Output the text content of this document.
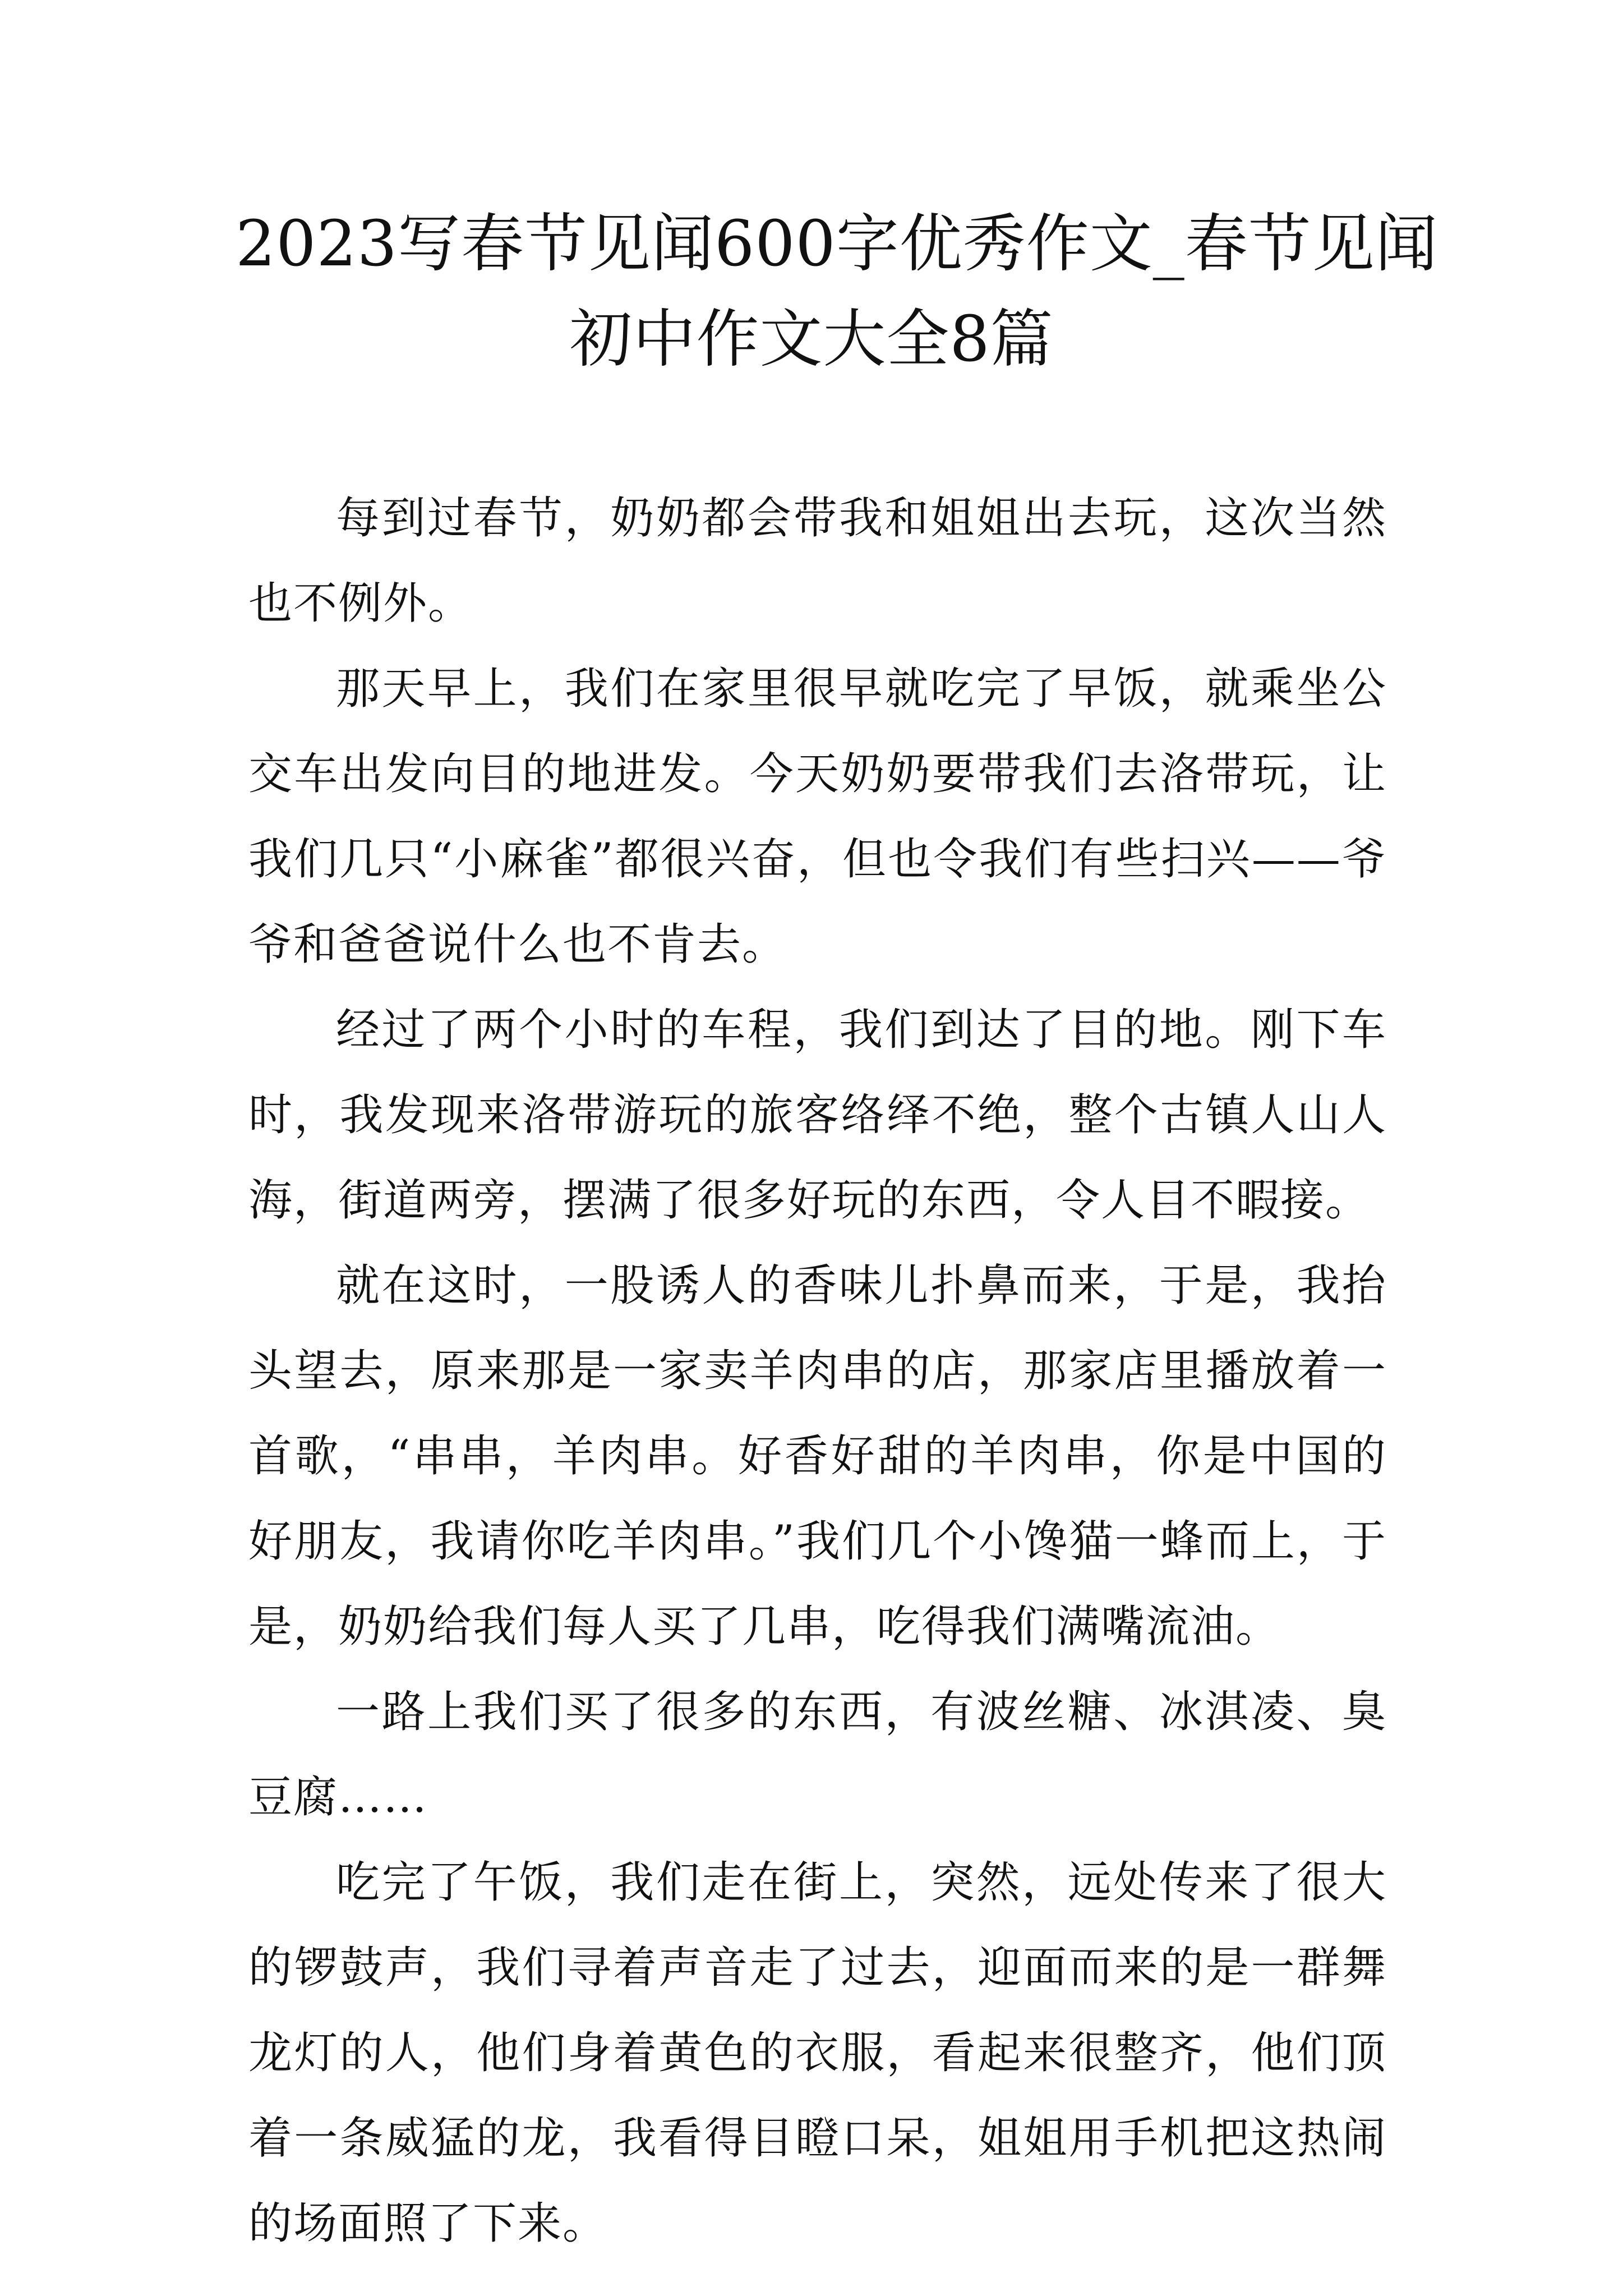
2023写春节见闻600字优秀作文_春节见闻
初中作文大全8篇

每到过春节，奶奶都会带我和姐姐出去玩，这次当然也不例外。

那天早上，我们在家里很早就吃完了早饭，就乘坐公交车出发向目的地进发。今天奶奶要带我们去洛带玩，让我们几只“小麻雀”都很兴奋，但也令我们有些扫兴——爷爷和爸爸说什么也不肯去。

经过了两个小时的车程，我们到达了目的地。刚下车时，我发现来洛带游玩的旅客络绎不绝，整个古镇人山人海，街道两旁，摆满了很多好玩的东西，令人目不暇接。

就在这时，一股诱人的香味儿扑鼻而来，于是，我抬头望去，原来那是一家卖羊肉串的店，那家店里播放着一首歌，“串串，羊肉串。好香好甜的羊肉串，你是中国的好朋友，我请你吃羊肉串。”我们几个小馋猫一蜂而上，于是，奶奶给我们每人买了几串，吃得我们满嘴流油。

一路上我们买了很多的东西，有波丝糖、冰淇凌、臭豆腐……

吃完了午饭，我们走在街上，突然，远处传来了很大的锣鼓声，我们寻着声音走了过去，迎面而来的是一群舞龙灯的人，他们身着黄色的衣服，看起来很整齐，他们顶着一条威猛的龙，我看得目瞪口呆，姐姐用手机把这热闹的场面照了下来。
